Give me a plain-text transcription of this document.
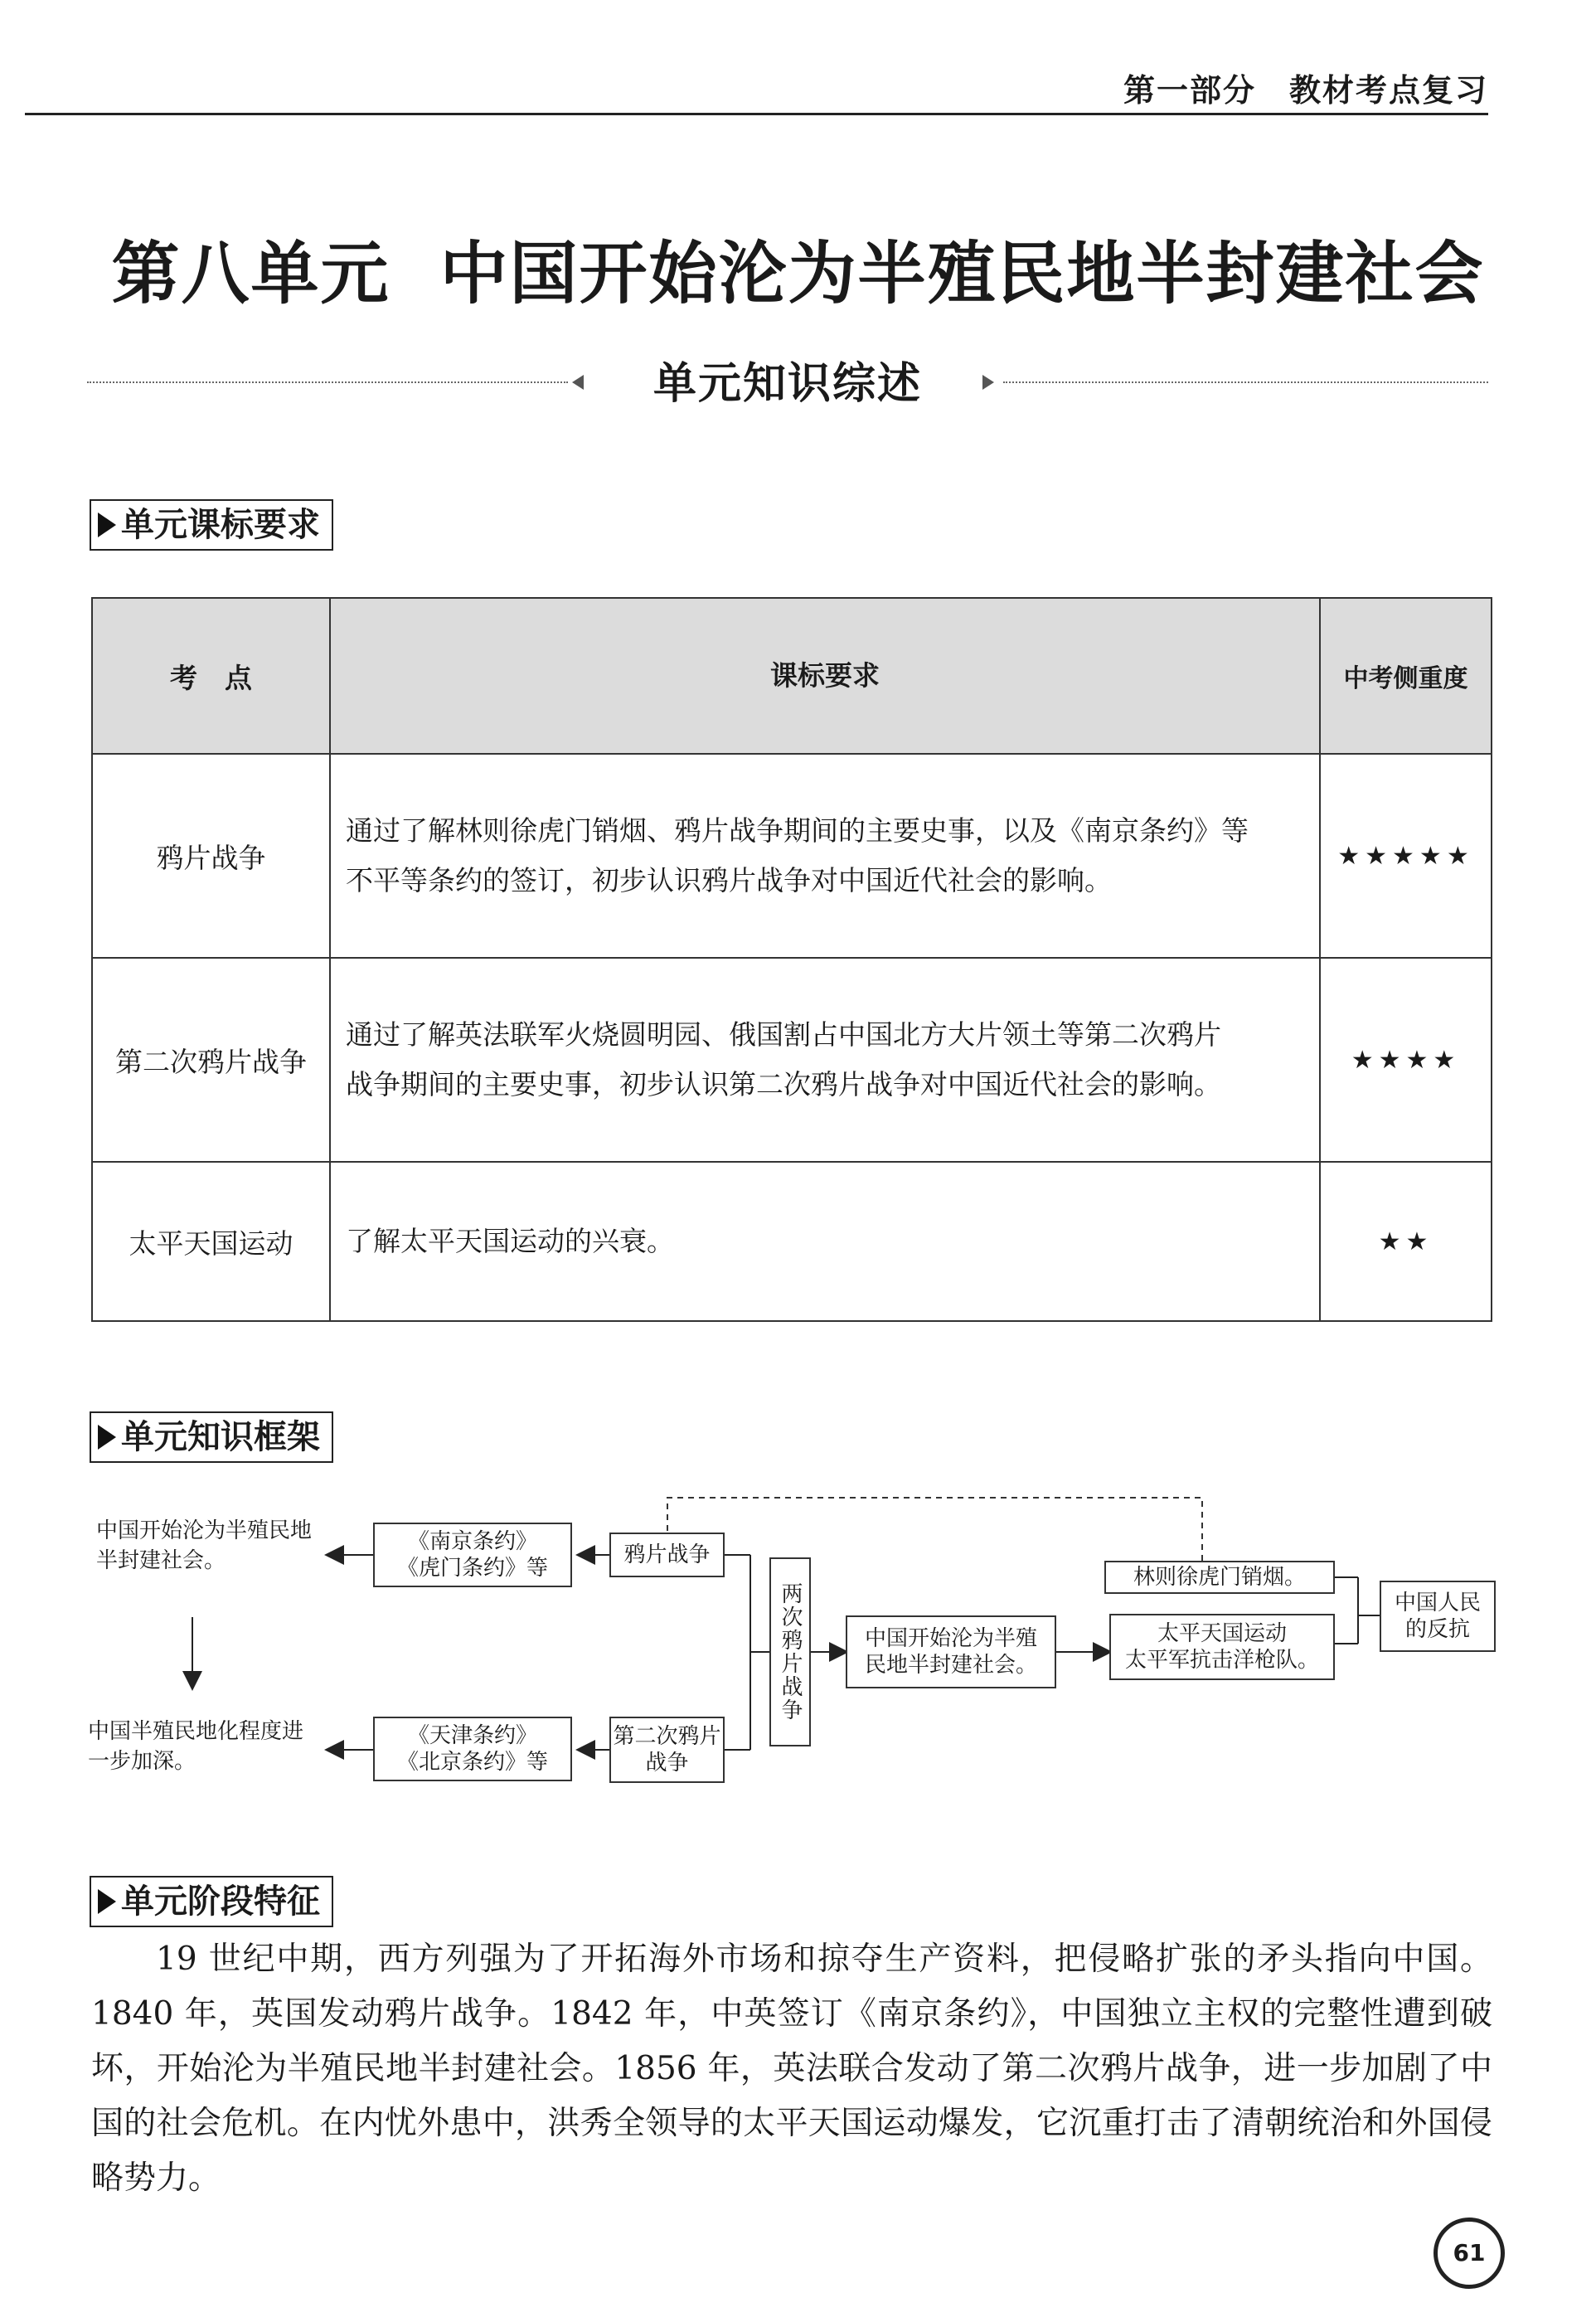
第一部分　教材考点复习
第八单元 中国开始沦为半殖民地半封建社会
单元知识综述
单元课标要求
考　点	课标要求	中考侧重度
鸦片战争	通过了解林则徐虎门销烟、鸦片战争期间的主要史事，以及《南京条约》等
不平等条约的签订，初步认识鸦片战争对中国近代社会的影响。	★★★★★
第二次鸦片战争	通过了解英法联军火烧圆明园、俄国割占中国北方大片领土等第二次鸦片
战争期间的主要史事，初步认识第二次鸦片战争对中国近代社会的影响。	★★★★
太平天国运动	了解太平天国运动的兴衰。	★★
单元知识框架
中国开始沦为半殖民地
半封建社会。
中国半殖民地化程度进
一步加深。
《南京条约》
《虎门条约》等
《天津条约》
《北京条约》等
鸦片战争
第二次鸦片
战争
两次鸦片战争	中国开始沦为半殖
民地半封建社会。
林则徐虎门销烟。
太平天国运动
太平军抗击洋枪队。
中国人民
的反抗
单元阶段特征
19 世纪中期，西方列强为了开拓海外市场和掠夺生产资料，把侵略扩张的矛头指向中国。1840 年，英国发动鸦片战争。1842 年，中英签订《南京条约》，中国独立主权的完整性遭到破坏，开始沦为半殖民地半封建社会。1856 年，英法联合发动了第二次鸦片战争，进一步加剧了中国的社会危机。在内忧外患中，洪秀全领导的太平天国运动爆发，它沉重打击了清朝统治和外国侵略势力。
61
